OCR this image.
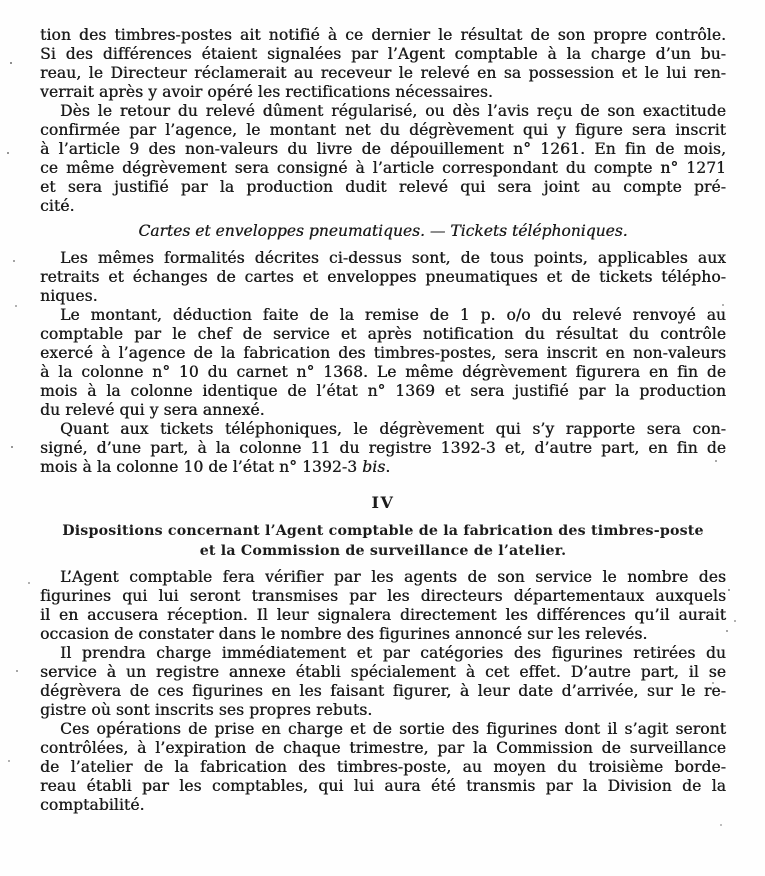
tion des timbres-postes ait notifié à ce dernier le résultat de son propre contrôle.
Si des différences étaient signalées par l’Agent comptable à la charge d’un bu-
reau, le Directeur réclamerait au receveur le relevé en sa possession et le lui ren-
verrait après y avoir opéré les rectifications nécessaires.
Dès le retour du relevé dûment régularisé, ou dès l’avis reçu de son exactitude
confirmée par l’agence, le montant net du dégrèvement qui y figure sera inscrit
à l’article 9 des non-valeurs du livre de dépouillement n° 1261. En fin de mois,
ce même dégrèvement sera consigné à l’article correspondant du compte n° 1271
et sera justifié par la production dudit relevé qui sera joint au compte pré-
cité.
Cartes et enveloppes pneumatiques. — Tickets téléphoniques.
Les mêmes formalités décrites ci-dessus sont, de tous points, applicables aux
retraits et échanges de cartes et enveloppes pneumatiques et de tickets télépho-
niques.
Le montant, déduction faite de la remise de 1 p. o/o du relevé renvoyé au
comptable par le chef de service et après notification du résultat du contrôle
exercé à l’agence de la fabrication des timbres-postes, sera inscrit en non-valeurs
à la colonne n° 10 du carnet n° 1368. Le même dégrèvement figurera en fin de
mois à la colonne identique de l’état n° 1369 et sera justifié par la production
du relevé qui y sera annexé.
Quant aux tickets téléphoniques, le dégrèvement qui s’y rapporte sera con-
signé, d’une part, à la colonne 11 du registre 1392-3 et, d’autre part, en fin de
mois à la colonne 10 de l’état n° 1392-3 bis.
IV
Dispositions concernant l’Agent comptable de la fabrication des timbres-poste
et la Commission de surveillance de l’atelier.
L’Agent comptable fera vérifier par les agents de son service le nombre des
figurines qui lui seront transmises par les directeurs départementaux auxquels
il en accusera réception. Il leur signalera directement les différences qu’il aurait
occasion de constater dans le nombre des figurines annoncé sur les relevés.
Il prendra charge immédiatement et par catégories des figurines retirées du
service à un registre annexe établi spécialement à cet effet. D’autre part, il se
dégrèvera de ces figurines en les faisant figurer, à leur date d’arrivée, sur le re-
gistre où sont inscrits ses propres rebuts.
Ces opérations de prise en charge et de sortie des figurines dont il s’agit seront
contrôlées, à l’expiration de chaque trimestre, par la Commission de surveillance
de l’atelier de la fabrication des timbres-poste, au moyen du troisième borde-
reau établi par les comptables, qui lui aura été transmis par la Division de la
comptabilité.
